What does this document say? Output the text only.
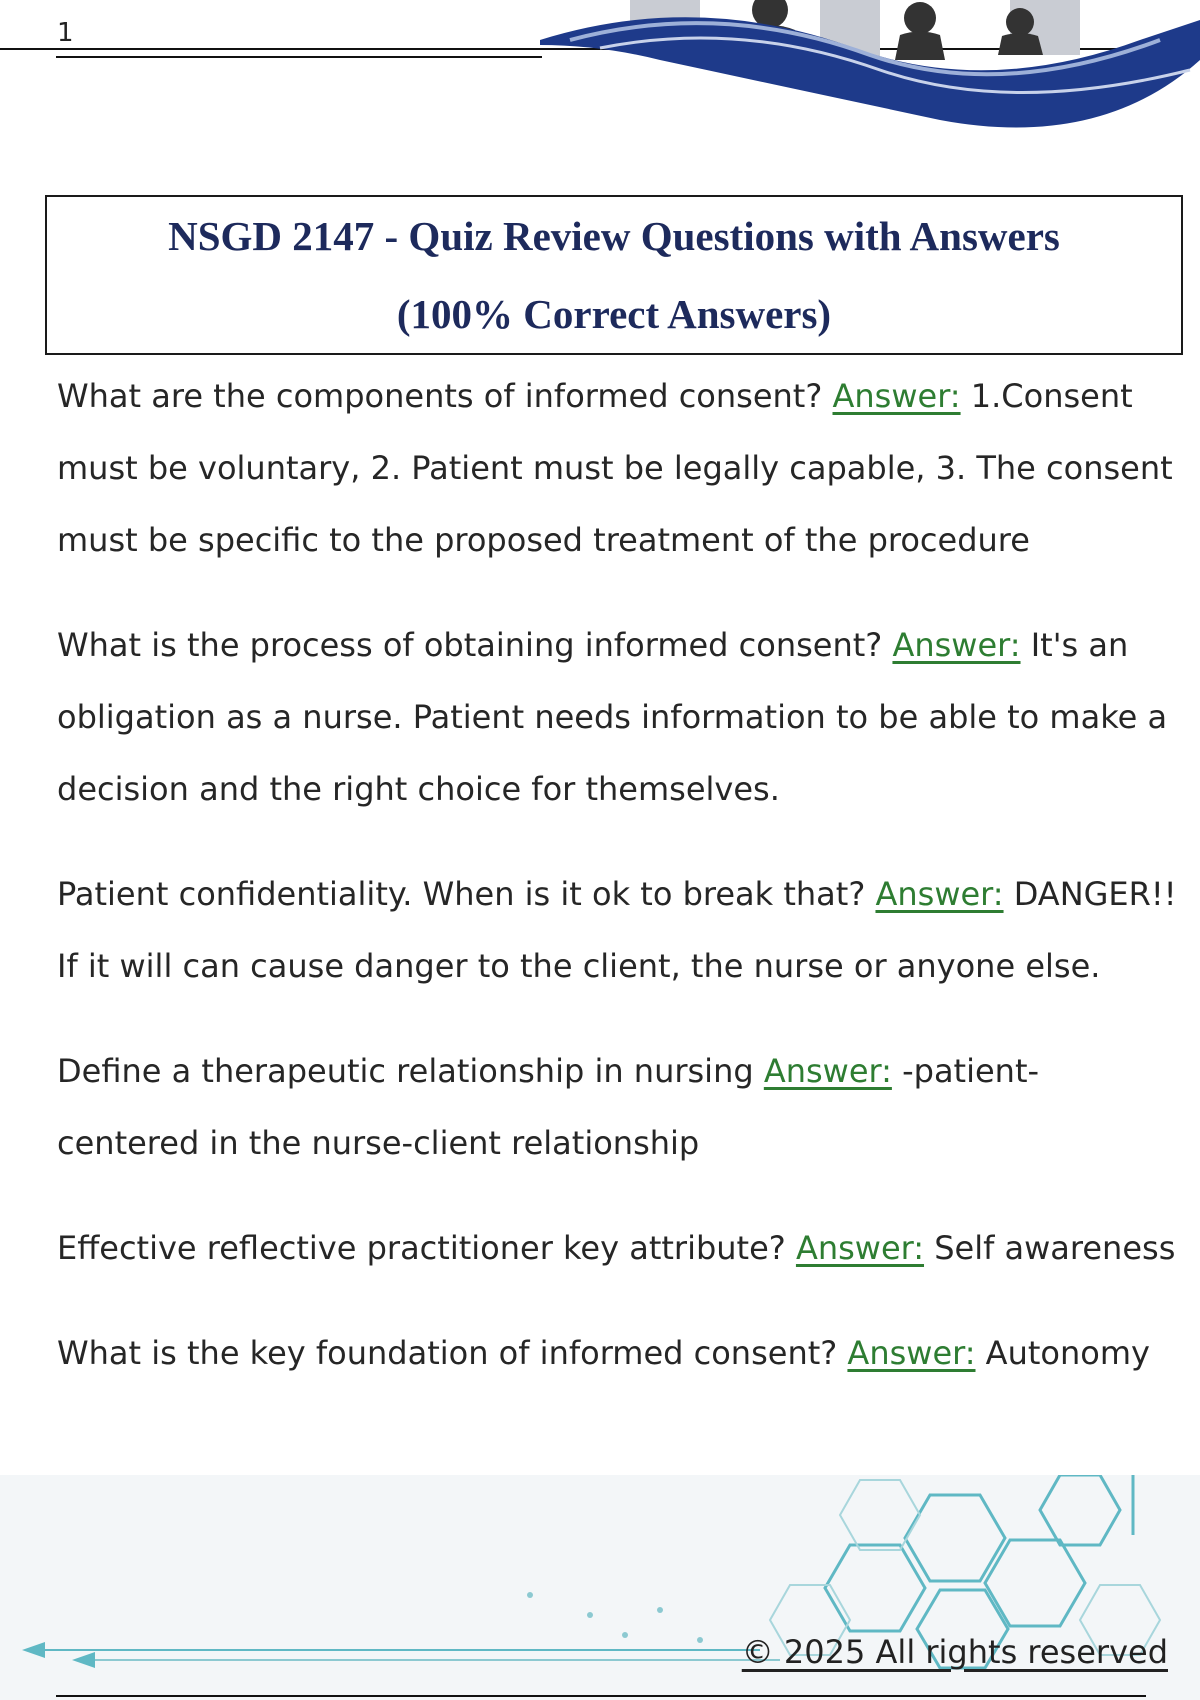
1
NSGD 2147 - Quiz Review Questions with Answers
(100% Correct Answers)
What are the components of informed consent? Answer: 1.Consent must be voluntary, 2. Patient must be legally capable, 3. The consent must be specific to the proposed treatment of the procedure
What is the process of obtaining informed consent? Answer: It's an obligation as a nurse. Patient needs information to be able to make a decision and the right choice for themselves.
Patient confidentiality. When is it ok to break that? Answer: DANGER!! If it will can cause danger to the client, the nurse or anyone else.
Define a therapeutic relationship in nursing Answer: -patient-centered in the nurse-client relationship
Effective reflective practitioner key attribute? Answer: Self awareness
What is the key foundation of informed consent? Answer: Autonomy
© 2025 All rights reserved
